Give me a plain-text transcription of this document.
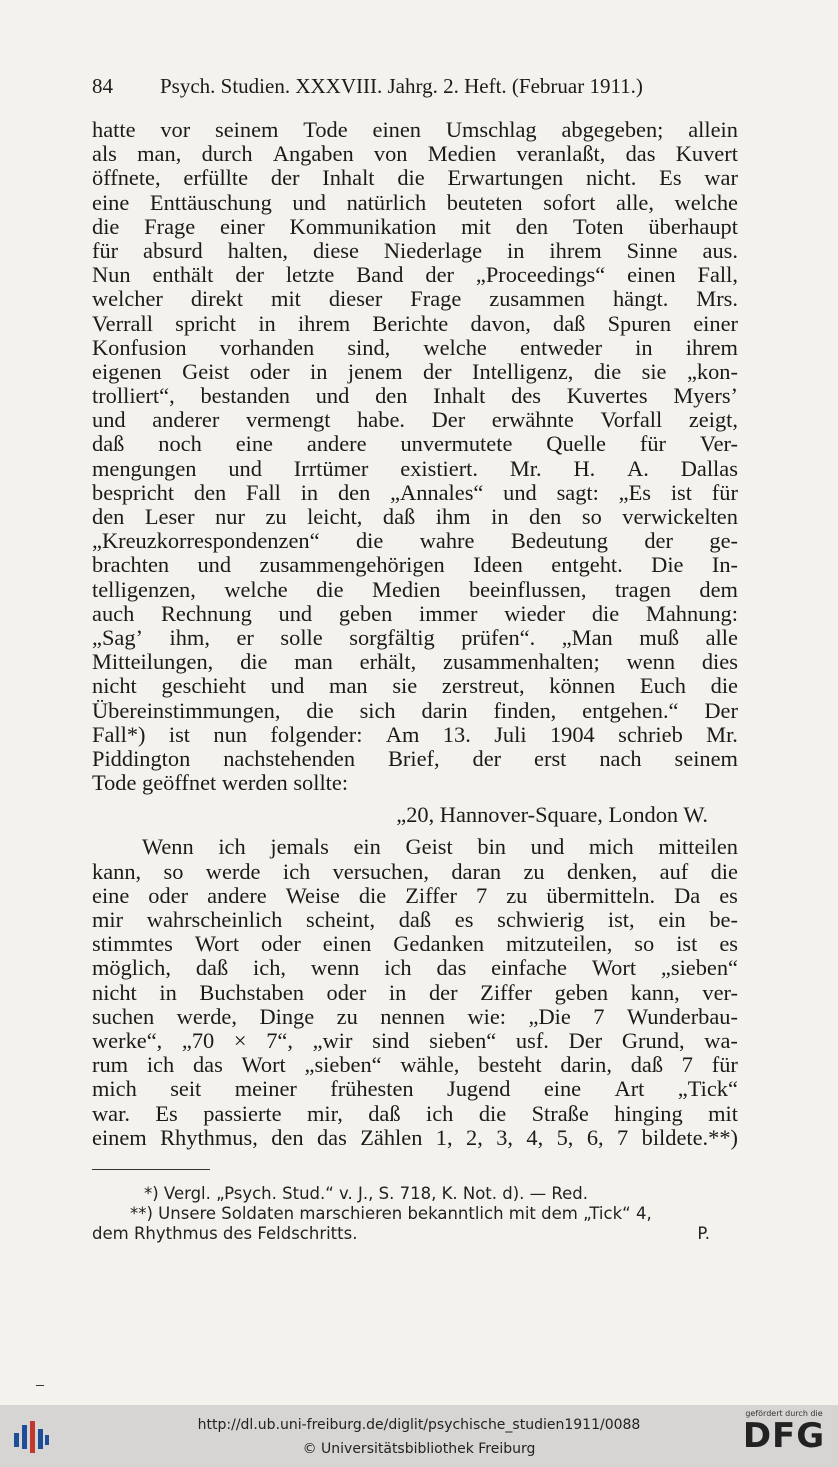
84	Psych. Studien. XXXVIII. Jahrg. 2. Heft. (Februar 1911.)
hatte vor seinem Tode einen Umschlag abgegeben; allein
als man, durch Angaben von Medien veranlaßt, das Kuvert
öffnete, erfüllte der Inhalt die Erwartungen nicht. Es war
eine Enttäuschung und natürlich beuteten sofort alle, welche
die Frage einer Kommunikation mit den Toten überhaupt
für absurd halten, diese Niederlage in ihrem Sinne aus.
Nun enthält der letzte Band der „Proceedings“ einen Fall,
welcher direkt mit dieser Frage zusammen hängt. Mrs.
Verrall spricht in ihrem Berichte davon, daß Spuren einer
Konfusion vorhanden sind, welche entweder in ihrem
eigenen Geist oder in jenem der Intelligenz, die sie „kon-
trolliert“, bestanden und den Inhalt des Kuvertes Myers’
und anderer vermengt habe. Der erwähnte Vorfall zeigt,
daß noch eine andere unvermutete Quelle für Ver-
mengungen und Irrtümer existiert. Mr. H. A. Dallas
bespricht den Fall in den „Annales“ und sagt: „Es ist für
den Leser nur zu leicht, daß ihm in den so verwickelten
„Kreuzkorrespondenzen“ die wahre Bedeutung der ge-
brachten und zusammengehörigen Ideen entgeht. Die In-
telligenzen, welche die Medien beeinflussen, tragen dem
auch Rechnung und geben immer wieder die Mahnung:
„Sag’ ihm, er solle sorgfältig prüfen“. „Man muß alle
Mitteilungen, die man erhält, zusammenhalten; wenn dies
nicht geschieht und man sie zerstreut, können Euch die
Übereinstimmungen, die sich darin finden, entgehen.“ Der
Fall*) ist nun folgender: Am 13. Juli 1904 schrieb Mr.
Piddington nachstehenden Brief, der erst nach seinem
Tode geöffnet werden sollte:
„20, Hannover-Square, London W.
Wenn ich jemals ein Geist bin und mich mitteilen
kann, so werde ich versuchen, daran zu denken, auf die
eine oder andere Weise die Ziffer 7 zu übermitteln. Da es
mir wahrscheinlich scheint, daß es schwierig ist, ein be-
stimmtes Wort oder einen Gedanken mitzuteilen, so ist es
möglich, daß ich, wenn ich das einfache Wort „sieben“
nicht in Buchstaben oder in der Ziffer geben kann, ver-
suchen werde, Dinge zu nennen wie: „Die 7 Wunderbau-
werke“, „70 × 7“, „wir sind sieben“ usf. Der Grund, wa-
rum ich das Wort „sieben“ wähle, besteht darin, daß 7 für
mich seit meiner frühesten Jugend eine Art „Tick“
war. Es passierte mir, daß ich die Straße hinging mit
einem Rhythmus, den das Zählen 1, 2, 3, 4, 5, 6, 7 bildete.**)
*) Vergl. „Psych. Stud.“ v. J., S. 718, K. Not. d). — Red.
**) Unsere Soldaten marschieren bekanntlich mit dem „Tick“ 4,
dem Rhythmus des Feldschritts.	P.
http://dl.ub.uni-freiburg.de/diglit/psychische_studien1911/0088
© Universitätsbibliothek Freiburg
gefördert durch die
DFG
